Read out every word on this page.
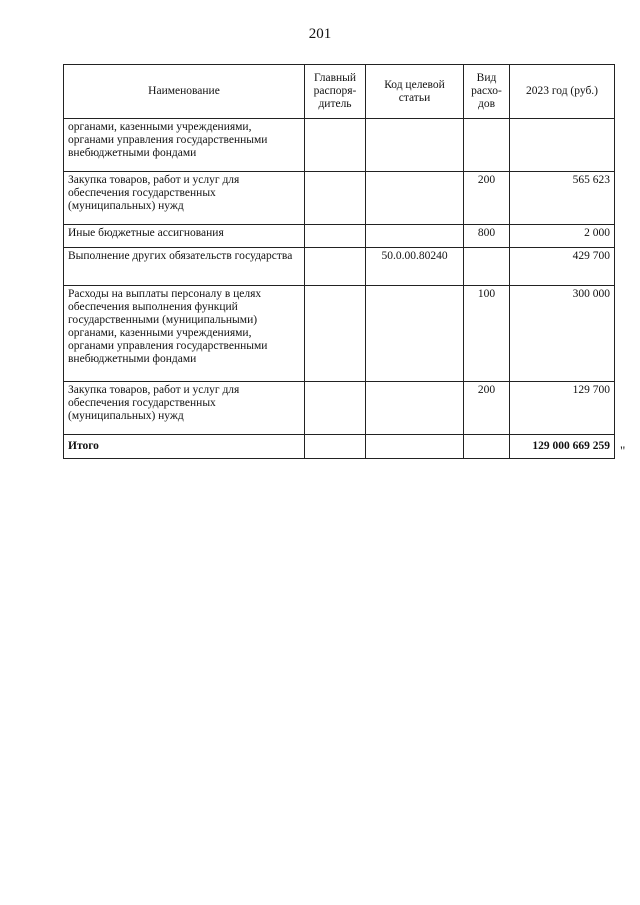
201
Наименование	Главный распоря-дитель	Код целевой статьи	Вид расхо-дов	2023 год (руб.)
органами, казенными учреждениями, органами управления государственными внебюджетными фондами				
Закупка товаров, работ и услуг для обеспечения государственных (муниципальных) нужд			200	565 623
Иные бюджетные ассигнования			800	2 000
Выполнение других обязательств государства		50.0.00.80240		429 700
Расходы на выплаты персоналу в целях обеспечения выполнения функций государственными (муниципальными) органами, казенными учреждениями, органами управления государственными внебюджетными фондами			100	300 000
Закупка товаров, работ и услуг для обеспечения государственных (муниципальных) нужд			200	129 700
Итого				129 000 669 259 "
